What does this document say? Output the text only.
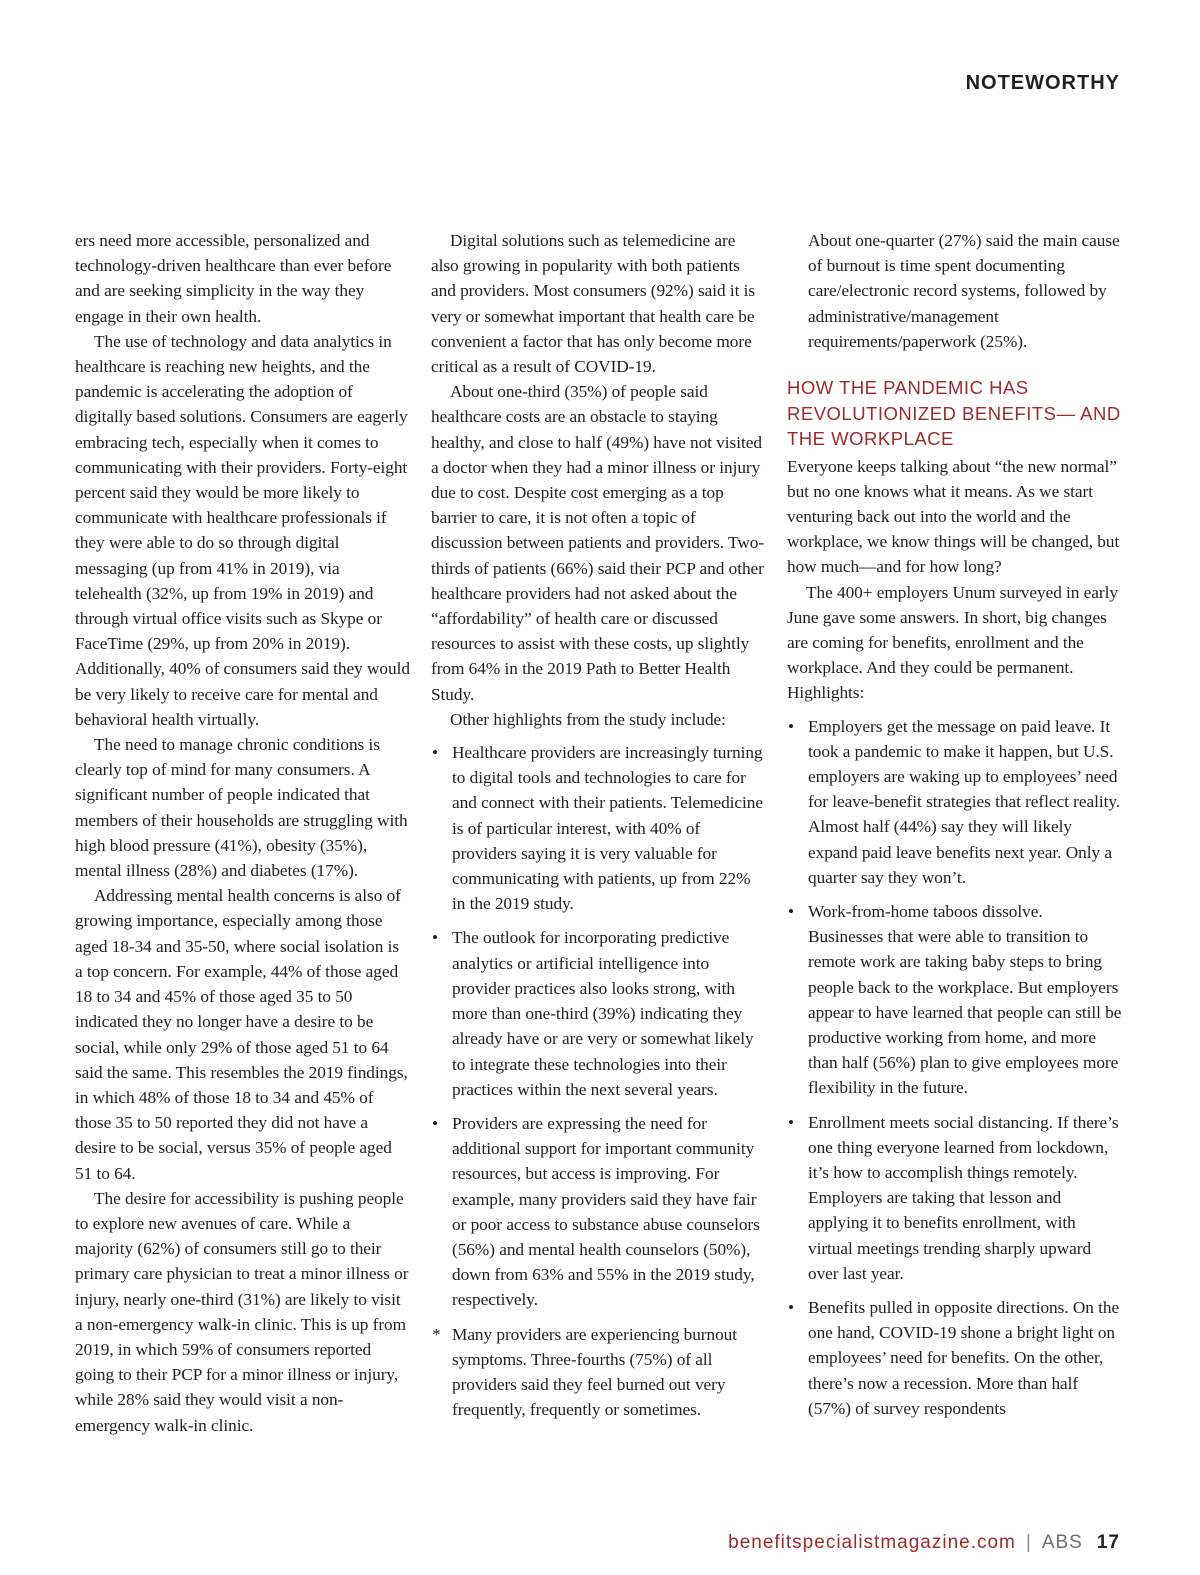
NOTEWORTHY

ers need more accessible, personalized and technology-driven healthcare than ever before and are seeking simplicity in the way they engage in their own health.

The use of technology and data analytics in healthcare is reaching new heights, and the pandemic is accelerating the adoption of digitally based solutions. Consumers are eagerly embracing tech, especially when it comes to communicating with their providers. Forty-eight percent said they would be more likely to communicate with healthcare professionals if they were able to do so through digital messaging (up from 41% in 2019), via telehealth (32%, up from 19% in 2019) and through virtual office visits such as Skype or FaceTime (29%, up from 20% in 2019). Additionally, 40% of consumers said they would be very likely to receive care for mental and behavioral health virtually.

The need to manage chronic conditions is clearly top of mind for many consumers. A significant number of people indicated that members of their households are struggling with high blood pressure (41%), obesity (35%), mental illness (28%) and diabetes (17%).

Addressing mental health concerns is also of growing importance, especially among those aged 18-34 and 35-50, where social isolation is a top concern. For example, 44% of those aged 18 to 34 and 45% of those aged 35 to 50 indicated they no longer have a desire to be social, while only 29% of those aged 51 to 64 said the same. This resembles the 2019 findings, in which 48% of those 18 to 34 and 45% of those 35 to 50 reported they did not have a desire to be social, versus 35% of people aged 51 to 64.

The desire for accessibility is pushing people to explore new avenues of care. While a majority (62%) of consumers still go to their primary care physician to treat a minor illness or injury, nearly one-third (31%) are likely to visit a non-emergency walk-in clinic. This is up from 2019, in which 59% of consumers reported going to their PCP for a minor illness or injury, while 28% said they would visit a non-emergency walk-in clinic.

Digital solutions such as telemedicine are also growing in popularity with both patients and providers. Most consumers (92%) said it is very or somewhat important that health care be convenient a factor that has only become more critical as a result of COVID-19.

About one-third (35%) of people said healthcare costs are an obstacle to staying healthy, and close to half (49%) have not visited a doctor when they had a minor illness or injury due to cost. Despite cost emerging as a top barrier to care, it is not often a topic of discussion between patients and providers. Two-thirds of patients (66%) said their PCP and other healthcare providers had not asked about the “affordability” of health care or discussed resources to assist with these costs, up slightly from 64% in the 2019 Path to Better Health Study.

Other highlights from the study include:

• Healthcare providers are increasingly turning to digital tools and technologies to care for and connect with their patients. Telemedicine is of particular interest, with 40% of providers saying it is very valuable for communicating with patients, up from 22% in the 2019 study.
• The outlook for incorporating predictive analytics or artificial intelligence into provider practices also looks strong, with more than one-third (39%) indicating they already have or are very or somewhat likely to integrate these technologies into their practices within the next several years.
• Providers are expressing the need for additional support for important community resources, but access is improving. For example, many providers said they have fair or poor access to substance abuse counselors (56%) and mental health counselors (50%), down from 63% and 55% in the 2019 study, respectively.
* Many providers are experiencing burnout symptoms. Three-fourths (75%) of all providers said they feel burned out very frequently, frequently or sometimes.

About one-quarter (27%) said the main cause of burnout is time spent documenting care/electronic record systems, followed by administrative/management requirements/paperwork (25%).

HOW THE PANDEMIC HAS REVOLUTIONIZED BENEFITS— AND THE WORKPLACE

Everyone keeps talking about “the new normal” but no one knows what it means. As we start venturing back out into the world and the workplace, we know things will be changed, but how much—and for how long?

The 400+ employers Unum surveyed in early June gave some answers. In short, big changes are coming for benefits, enrollment and the workplace. And they could be permanent. Highlights:

• Employers get the message on paid leave. It took a pandemic to make it happen, but U.S. employers are waking up to employees’ need for leave-benefit strategies that reflect reality. Almost half (44%) say they will likely expand paid leave benefits next year. Only a quarter say they won’t.
• Work-from-home taboos dissolve. Businesses that were able to transition to remote work are taking baby steps to bring people back to the workplace. But employers appear to have learned that people can still be productive working from home, and more than half (56%) plan to give employees more flexibility in the future.
• Enrollment meets social distancing. If there’s one thing everyone learned from lockdown, it’s how to accomplish things remotely. Employers are taking that lesson and applying it to benefits enrollment, with virtual meetings trending sharply upward over last year.
• Benefits pulled in opposite directions. On the one hand, COVID-19 shone a bright light on employees’ need for benefits. On the other, there’s now a recession. More than half (57%) of survey respondents
benefitspecialistmagazine.com | ABS 17
